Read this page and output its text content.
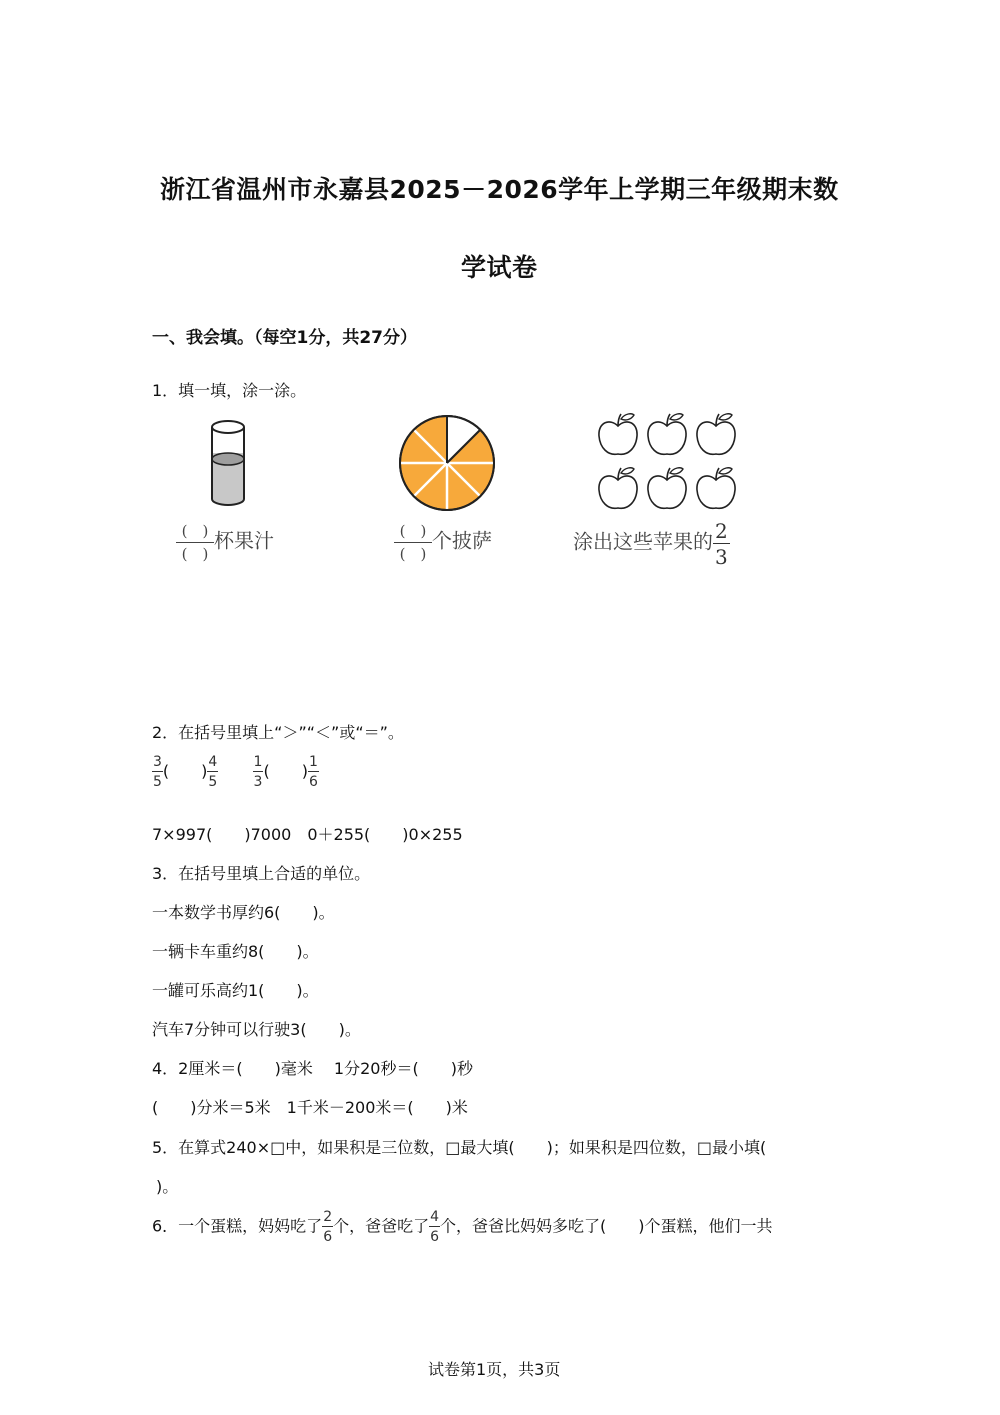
浙江省温州市永嘉县2025－2026学年上学期三年级期末数
学试卷
一、我会填。（每空1分，共27分）
1．填一填，涂一涂。
(　)
(　)
杯果汁	(　)
(　)
个披萨	涂出这些苹果的 $\frac{2}{3}$
2．在括号里填上“＞”“＜”或“＝”。
$\frac{3}{5}$ (　　) $\frac{4}{5}$
$\frac{1}{3}$ (　　) $\frac{1}{6}$
7×997(　　)7000　0＋255(　　)0×255
3．在括号里填上合适的单位。
一本数学书厚约6(　　)。
一辆卡车重约8(　　)。
一罐可乐高约1(　　)。
汽车7分钟可以行驶3(　　)。
4．2厘米＝(　　)毫米　 1分20秒＝(　　)秒
(　　)分米＝5米　1千米－200米＝(　　)米
5．在算式240×□中，如果积是三位数，□最大填(　　)；如果积是四位数，□最小填(
)。
6．一个蛋糕，妈妈吃了 $\frac{2}{6}$ 个，爸爸吃了 $\frac{4}{6}$ 个，爸爸比妈妈多吃了(　　)个蛋糕，他们一共
试卷第1页，共3页
